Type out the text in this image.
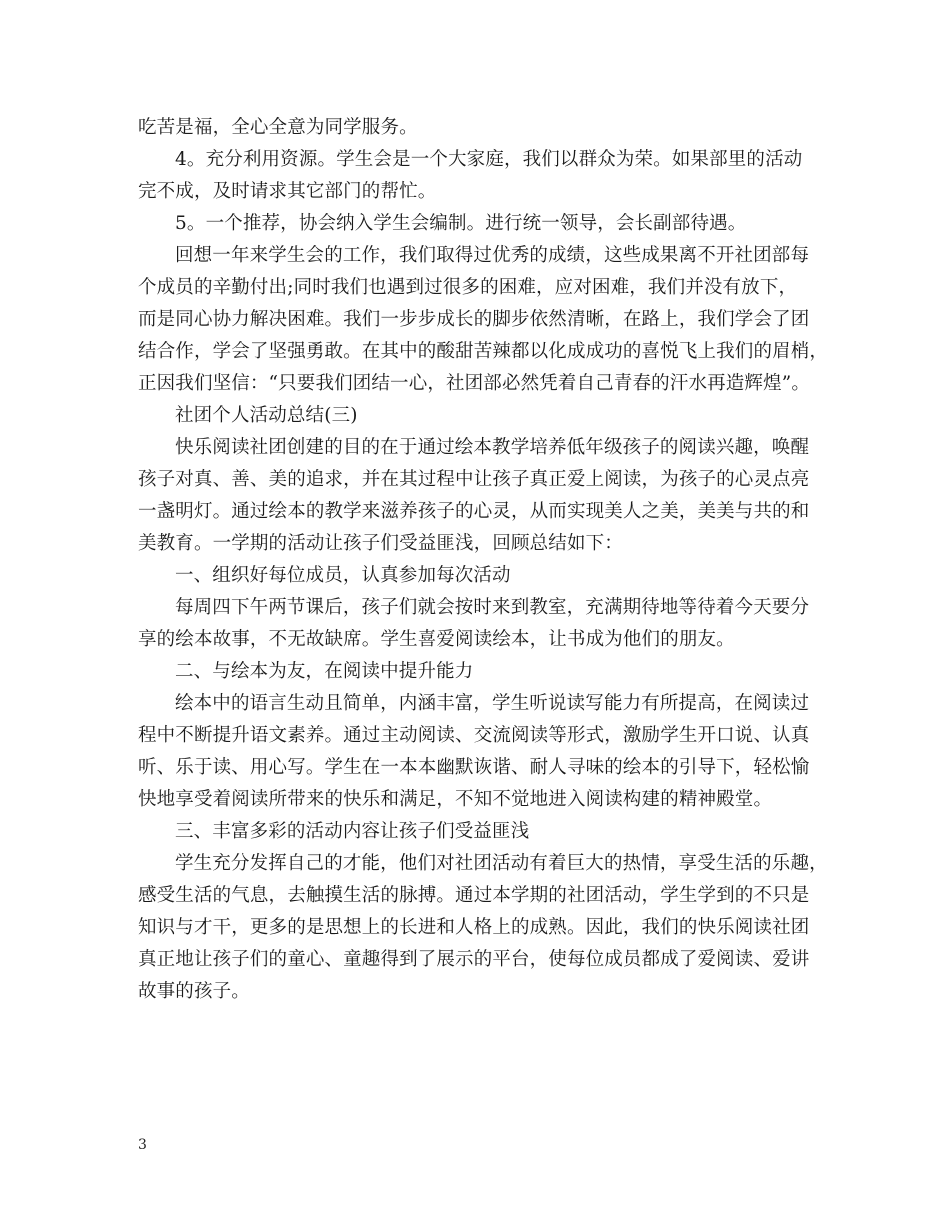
吃苦是福，全心全意为同学服务。
4。充分利用资源。学生会是一个大家庭，我们以群众为荣。如果部里的活动
完不成，及时请求其它部门的帮忙。
5。一个推荐，协会纳入学生会编制。进行统一领导，会长副部待遇。
回想一年来学生会的工作，我们取得过优秀的成绩，这些成果离不开社团部每
个成员的辛勤付出;同时我们也遇到过很多的困难，应对困难，我们并没有放下，
而是同心协力解决困难。我们一步步成长的脚步依然清晰，在路上，我们学会了团
结合作，学会了坚强勇敢。在其中的酸甜苦辣都以化成成功的喜悦飞上我们的眉梢，
正因我们坚信：“只要我们团结一心，社团部必然凭着自己青春的汗水再造辉煌”。
社团个人活动总结(三)
快乐阅读社团创建的目的在于通过绘本教学培养低年级孩子的阅读兴趣，唤醒
孩子对真、善、美的追求，并在其过程中让孩子真正爱上阅读，为孩子的心灵点亮
一盏明灯。通过绘本的教学来滋养孩子的心灵，从而实现美人之美，美美与共的和
美教育。一学期的活动让孩子们受益匪浅，回顾总结如下：
一、组织好每位成员，认真参加每次活动
每周四下午两节课后，孩子们就会按时来到教室，充满期待地等待着今天要分
享的绘本故事，不无故缺席。学生喜爱阅读绘本，让书成为他们的朋友。
二、与绘本为友，在阅读中提升能力
绘本中的语言生动且简单，内涵丰富，学生听说读写能力有所提高，在阅读过
程中不断提升语文素养。通过主动阅读、交流阅读等形式，激励学生开口说、认真
听、乐于读、用心写。学生在一本本幽默诙谐、耐人寻味的绘本的引导下，轻松愉
快地享受着阅读所带来的快乐和满足，不知不觉地进入阅读构建的精神殿堂。
三、丰富多彩的活动内容让孩子们受益匪浅
学生充分发挥自己的才能，他们对社团活动有着巨大的热情，享受生活的乐趣，
感受生活的气息，去触摸生活的脉搏。通过本学期的社团活动，学生学到的不只是
知识与才干，更多的是思想上的长进和人格上的成熟。因此，我们的快乐阅读社团
真正地让孩子们的童心、童趣得到了展示的平台，使每位成员都成了爱阅读、爱讲
故事的孩子。
3
